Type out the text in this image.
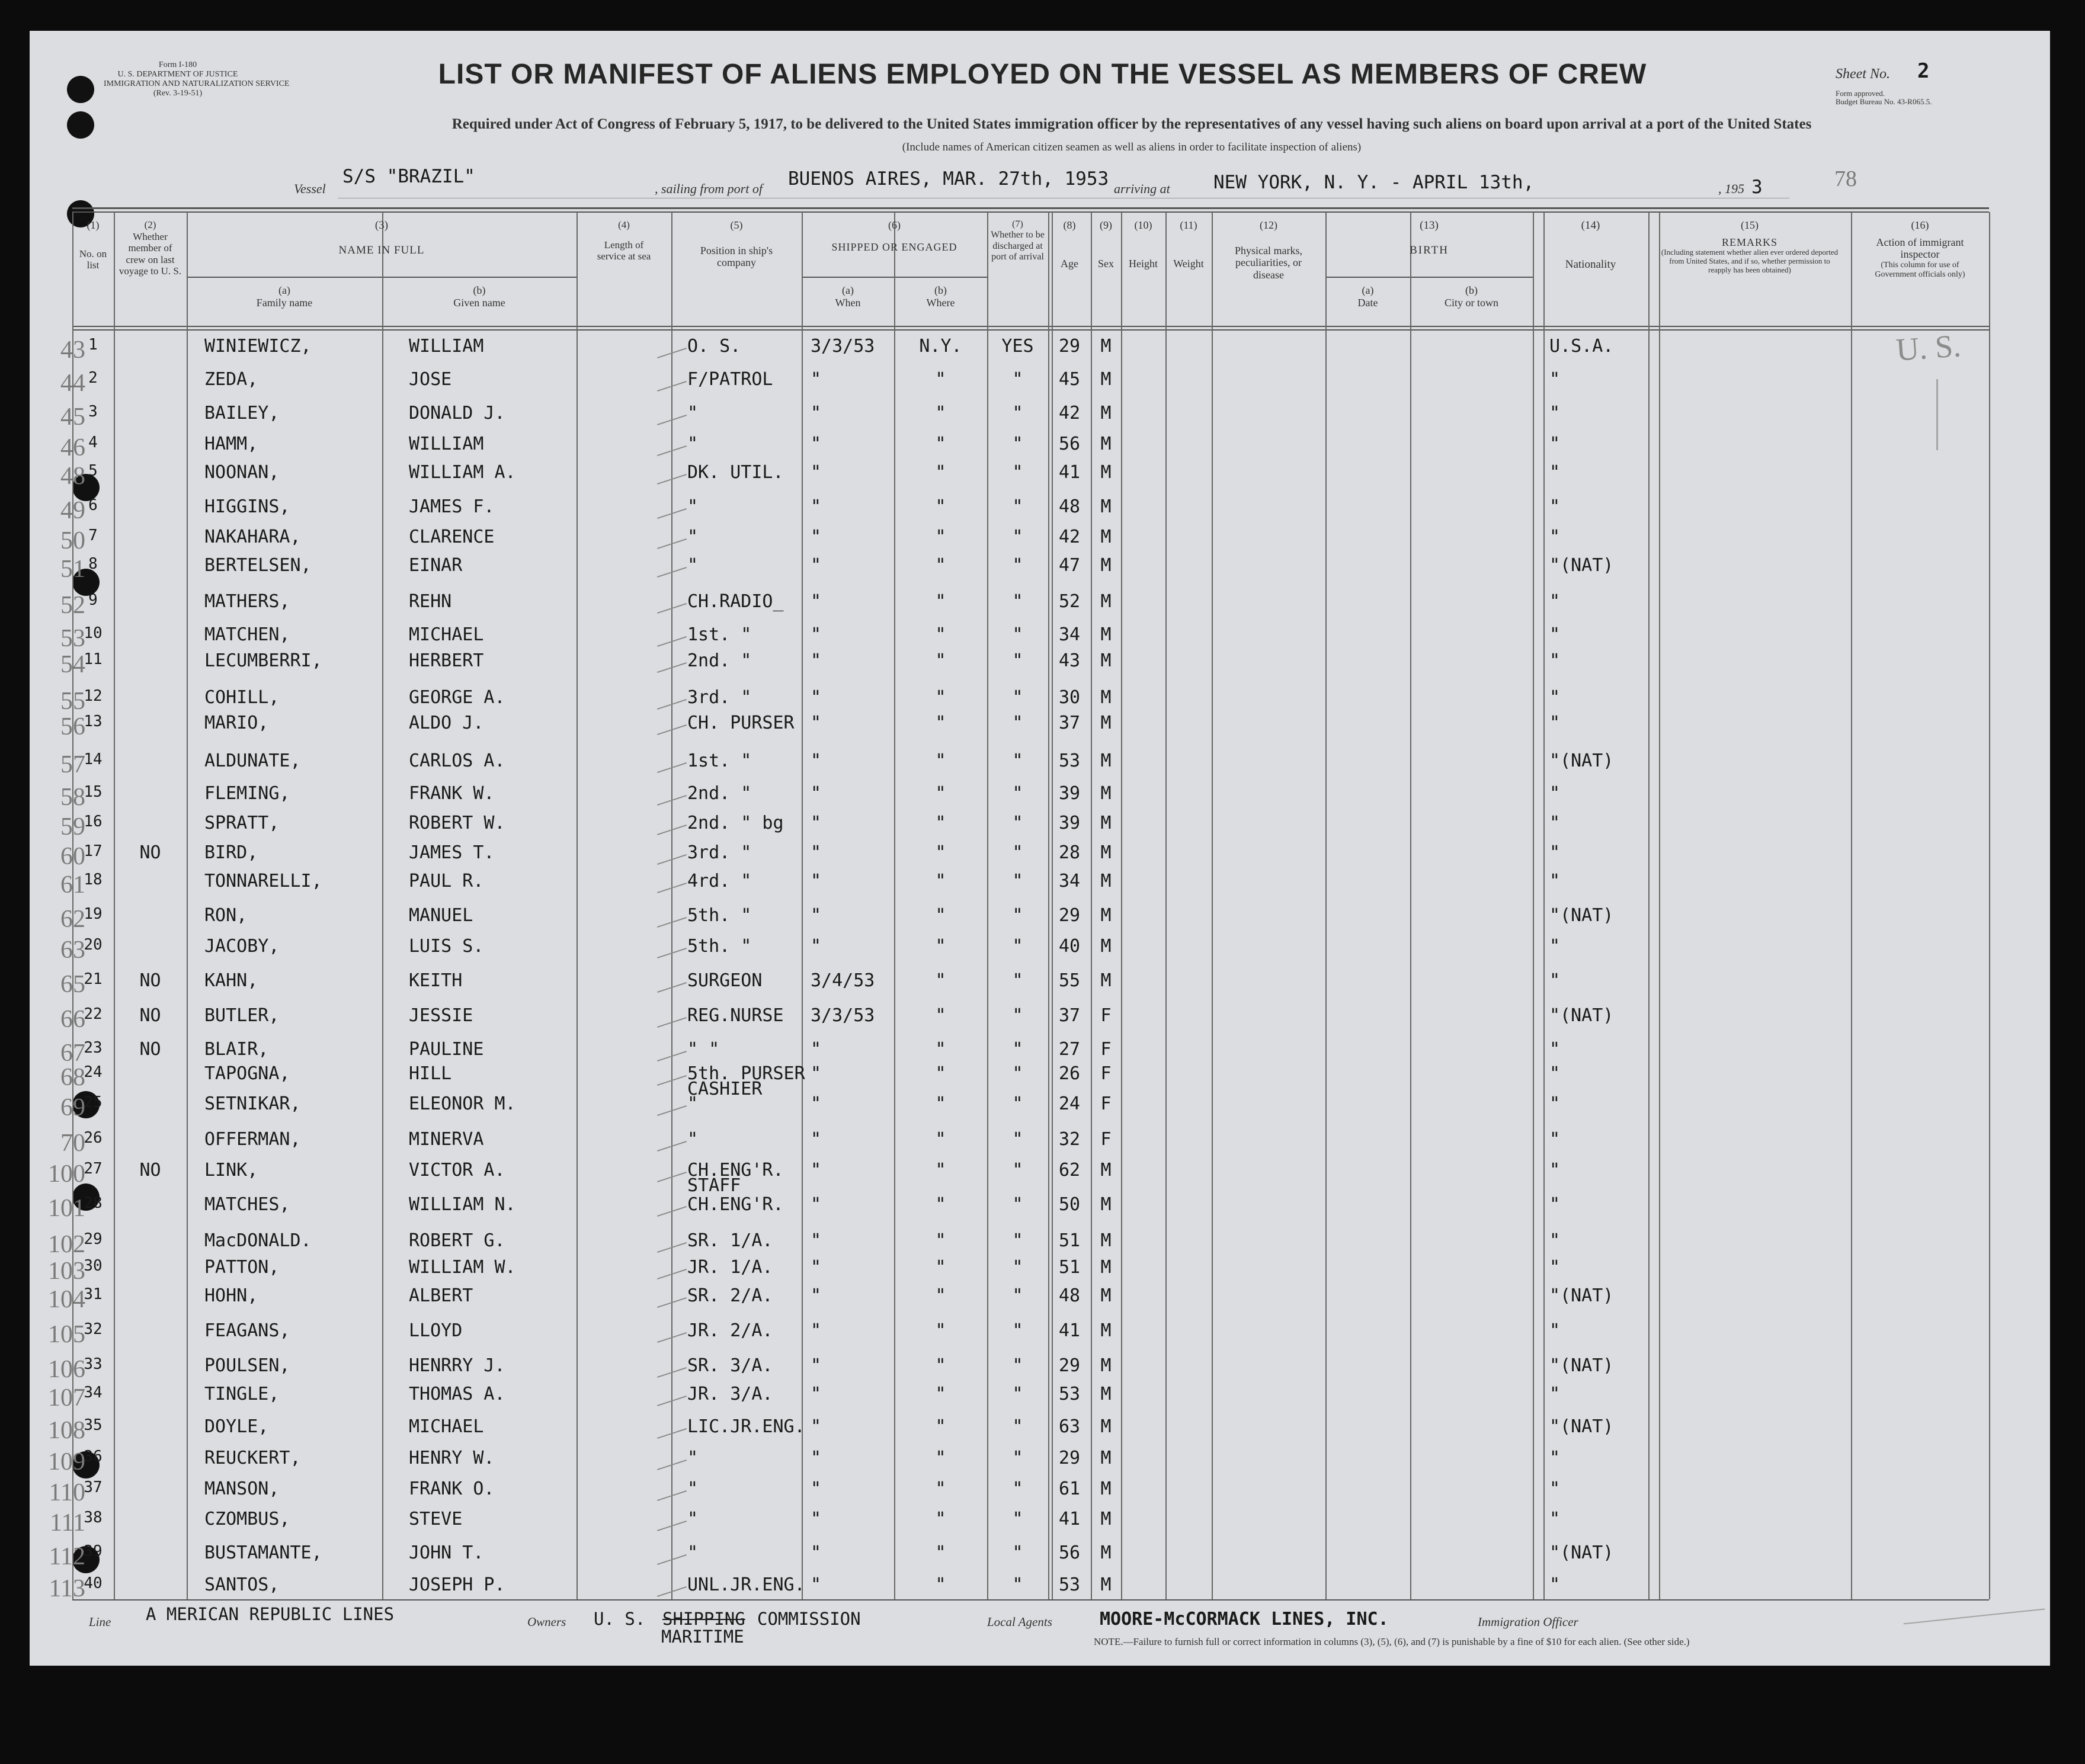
Form I-180
U. S. DEPARTMENT OF JUSTICE
IMMIGRATION AND NATURALIZATION SERVICE
(Rev. 3-19-51)
LIST OR MANIFEST OF ALIENS EMPLOYED ON THE VESSEL AS MEMBERS OF CREW
Required under Act of Congress of February 5, 1917, to be delivered to the United States immigration officer by the representatives of any vessel having such aliens on board upon arrival at a port of the United States
(Include names of American citizen seamen as well as aliens in order to facilitate inspection of aliens)
Sheet No. 2
Form approved.
Budget Bureau No. 43-R065.5.
Vessel
S/S "BRAZIL"
, sailing from port of BUENOS AIRES, MAR. 27th, 1953 arriving at NEW YORK, N. Y. - APRIL 13th,	, 195 3	78
(1)
No. on list
(2)
Whether member of crew on last voyage to U. S.
(3)
NAME IN FULL
(a)
Family name
(b)
Given name
(4)
Length of service at sea
(5)
Position in ship's company
(6)
SHIPPED OR ENGAGED
(a)
When
(b)
Where
(7)
Whether to be discharged at port of arrival
(8)
Age
(9)
Sex
(10)
Height
(11)
Weight
(12)
Physical marks, peculiarities, or disease
(13)
BIRTH
(a)
Date
(b)
City or town
(14)
Nationality
(15)
REMARKS
(Including statement whether alien ever ordered deported from United States, and if so, whether permission to reapply has been obtained)
(16)
Action of immigrant inspector
(This column for use of Government officials only)
43 1	WINIEWICZ,	WILLIAM	O. S.	3/3/53	N.Y.	YES	29	M	U.S.A.
44 2	ZEDA,	JOSE	F/PATROL "	"	"	45	M	"
45 3	BAILEY,	DONALD J.	"	"	"	"	42	M	"
46 4	HAMM,	WILLIAM	"	"	"	"	56	M	"
48 5	NOONAN,	WILLIAM A.	DK. UTIL. "	"	"	41	M	"
49 6	HIGGINS,	JAMES F.	"	"	"	"	48	M	"
50 7	NAKAHARA,	CLARENCE	"	"	"	"	42	M	"
51 8	BERTELSEN,	EINAR	"	"	"	"	47	M	"(NAT)
52 9	MATHERS,	REHN	CH.RADIO_ "	"	"	52	M	"
53
10	MATCHEN,	MICHAEL	1st. "	"	"	"	34	M	"
54
11	LECUMBERRI,	HERBERT	2nd. "	"	"	"	43	M	"
55
12	COHILL,	GEORGE A.	3rd. "	"	"	"	30	M	"
56
13	MARIO,	ALDO J.	CH. PURSER "	"	"	37	M	"
57
14	ALDUNATE,	CARLOS A.	1st. "	"	"	"	53	M	"(NAT)
58
15	FLEMING,	FRANK W.	2nd. "	"	"	"	39	M	"
59
16	SPRATT,	ROBERT W.	2nd. " bg "	"	"	39	M	"
60
17	NO	BIRD,	JAMES T.	3rd. "	"	"	"	28	M	"
61
18	TONNARELLI,	PAUL R.	4rd. "	"	"	"	34	M	"
62
19	RON,	MANUEL	5th. "	"	"	"	29	M	"(NAT)
63
20	JACOBY,	LUIS S.	5th. "	"	"	"	40	M	"
65
21	NO	KAHN,	KEITH	SURGEON	3/4/53	"	"	55	M	"
66
22	NO	BUTLER,	JESSIE	REG.NURSE 3/3/53	"	"	37	F	"(NAT)
67
23	NO	BLAIR,	PAULINE	" "	"	"	"	27	F	"
68
24	TAPOGNA,	HILL	5th. PURSER "	"	"	26	F	"
CASHIER
69
25	SETNIKAR,	ELEONOR M.	"	"	"	"	24	F	"
70
26	OFFERMAN,	MINERVA	"	"	"	"	32	F	"
100
27	NO	LINK,	VICTOR A.	CH.ENG'R. "	"	"	62	M	"
STAFF
101
28	MATCHES,	WILLIAM N.	CH.ENG'R. "	"	"	50	M	"
102
29	MacDONALD.	ROBERT G.	SR. 1/A. "	"	"	51	M	"
103
30	PATTON,	WILLIAM W.	JR. 1/A. "	"	"	51	M	"
104
31	HOHN,	ALBERT	SR. 2/A. "	"	"	48	M	"(NAT)
105
32	FEAGANS,	LLOYD	JR. 2/A. "	"	"	41	M	"
106
33	POULSEN,	HENRRY J.	SR. 3/A. "	"	"	29	M	"(NAT)
107
34	TINGLE,	THOMAS A.	JR. 3/A. "	"	"	53	M	"
108
35	DOYLE,	MICHAEL	LIC.JR.ENG. "	"	"	63	M	"(NAT)
109
36	REUCKERT,	HENRY W.	"	"	"	"	29	M	"
110
37	MANSON,	FRANK O.	"	"	"	"	61	M	"
111
38	CZOMBUS,	STEVE	"	"	"	"	41	M	"
112
39	BUSTAMANTE,	JOHN T.	"	"	"	"	56	M	"(NAT)
113
40	SANTOS,	JOSEPH P.	UNL.JR.ENG. "	"	"	53	M	"
U. S.
Line A MERICAN REPUBLIC LINES	Owners U. S. SHIPPING COMMISSION
MARITIME
Local Agents	MOORE-McCORMACK LINES, INC.	Immigration Officer
NOTE.—Failure to furnish full or correct information in columns (3), (5), (6), and (7) is punishable by a fine of $10 for each alien. (See other side.)
